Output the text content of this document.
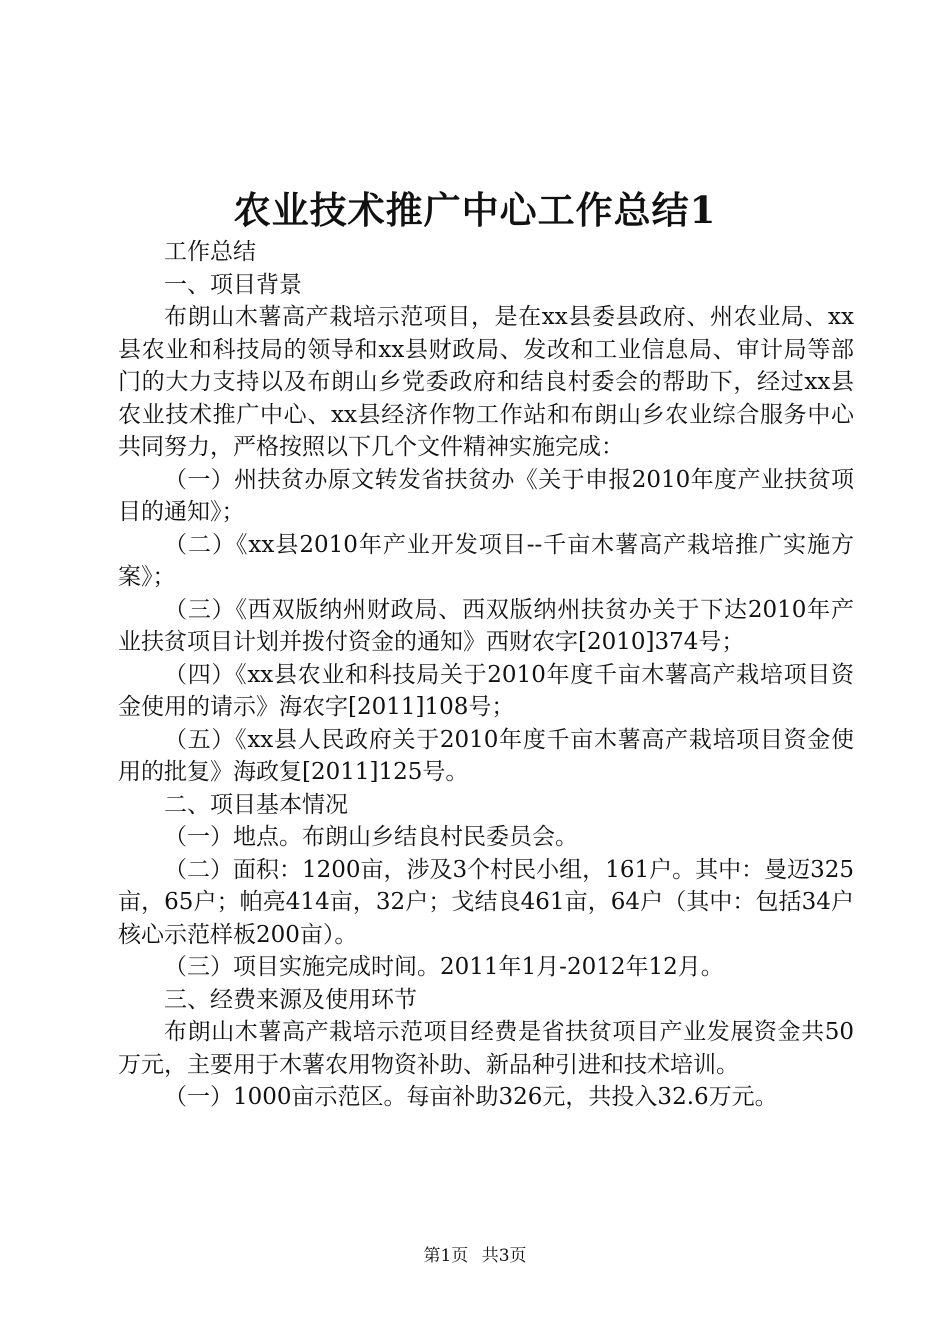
农业技术推广中心工作总结1

工作总结

一、项目背景

布朗山木薯高产栽培示范项目，是在xx县委县政府、州农业局、xx县农业和科技局的领导和xx县财政局、发改和工业信息局、审计局等部门的大力支持以及布朗山乡党委政府和结良村委会的帮助下，经过xx县农业技术推广中心、xx县经济作物工作站和布朗山乡农业综合服务中心共同努力，严格按照以下几个文件精神实施完成：

（一）州扶贫办原文转发省扶贫办《关于申报2010年度产业扶贫项目的通知》；

（二）《xx县2010年产业开发项目--千亩木薯高产栽培推广实施方案》；

（三）《西双版纳州财政局、西双版纳州扶贫办关于下达2010年产业扶贫项目计划并拨付资金的通知》西财农字[2010]374号；

（四）《xx县农业和科技局关于2010年度千亩木薯高产栽培项目资金使用的请示》海农字[2011]108号；

（五）《xx县人民政府关于2010年度千亩木薯高产栽培项目资金使用的批复》海政复[2011]125号。

二、项目基本情况

（一）地点。布朗山乡结良村民委员会。

（二）面积：1200亩，涉及3个村民小组，161户。其中：曼迈325亩，65户；帕亮414亩，32户；戈结良461亩，64户（其中：包括34户核心示范样板200亩）。

（三）项目实施完成时间。2011年1月-2012年12月。

三、经费来源及使用环节

布朗山木薯高产栽培示范项目经费是省扶贫项目产业发展资金共50万元，主要用于木薯农用物资补助、新品种引进和技术培训。

（一）1000亩示范区。每亩补助326元，共投入32.6万元。

第1页 共3页
